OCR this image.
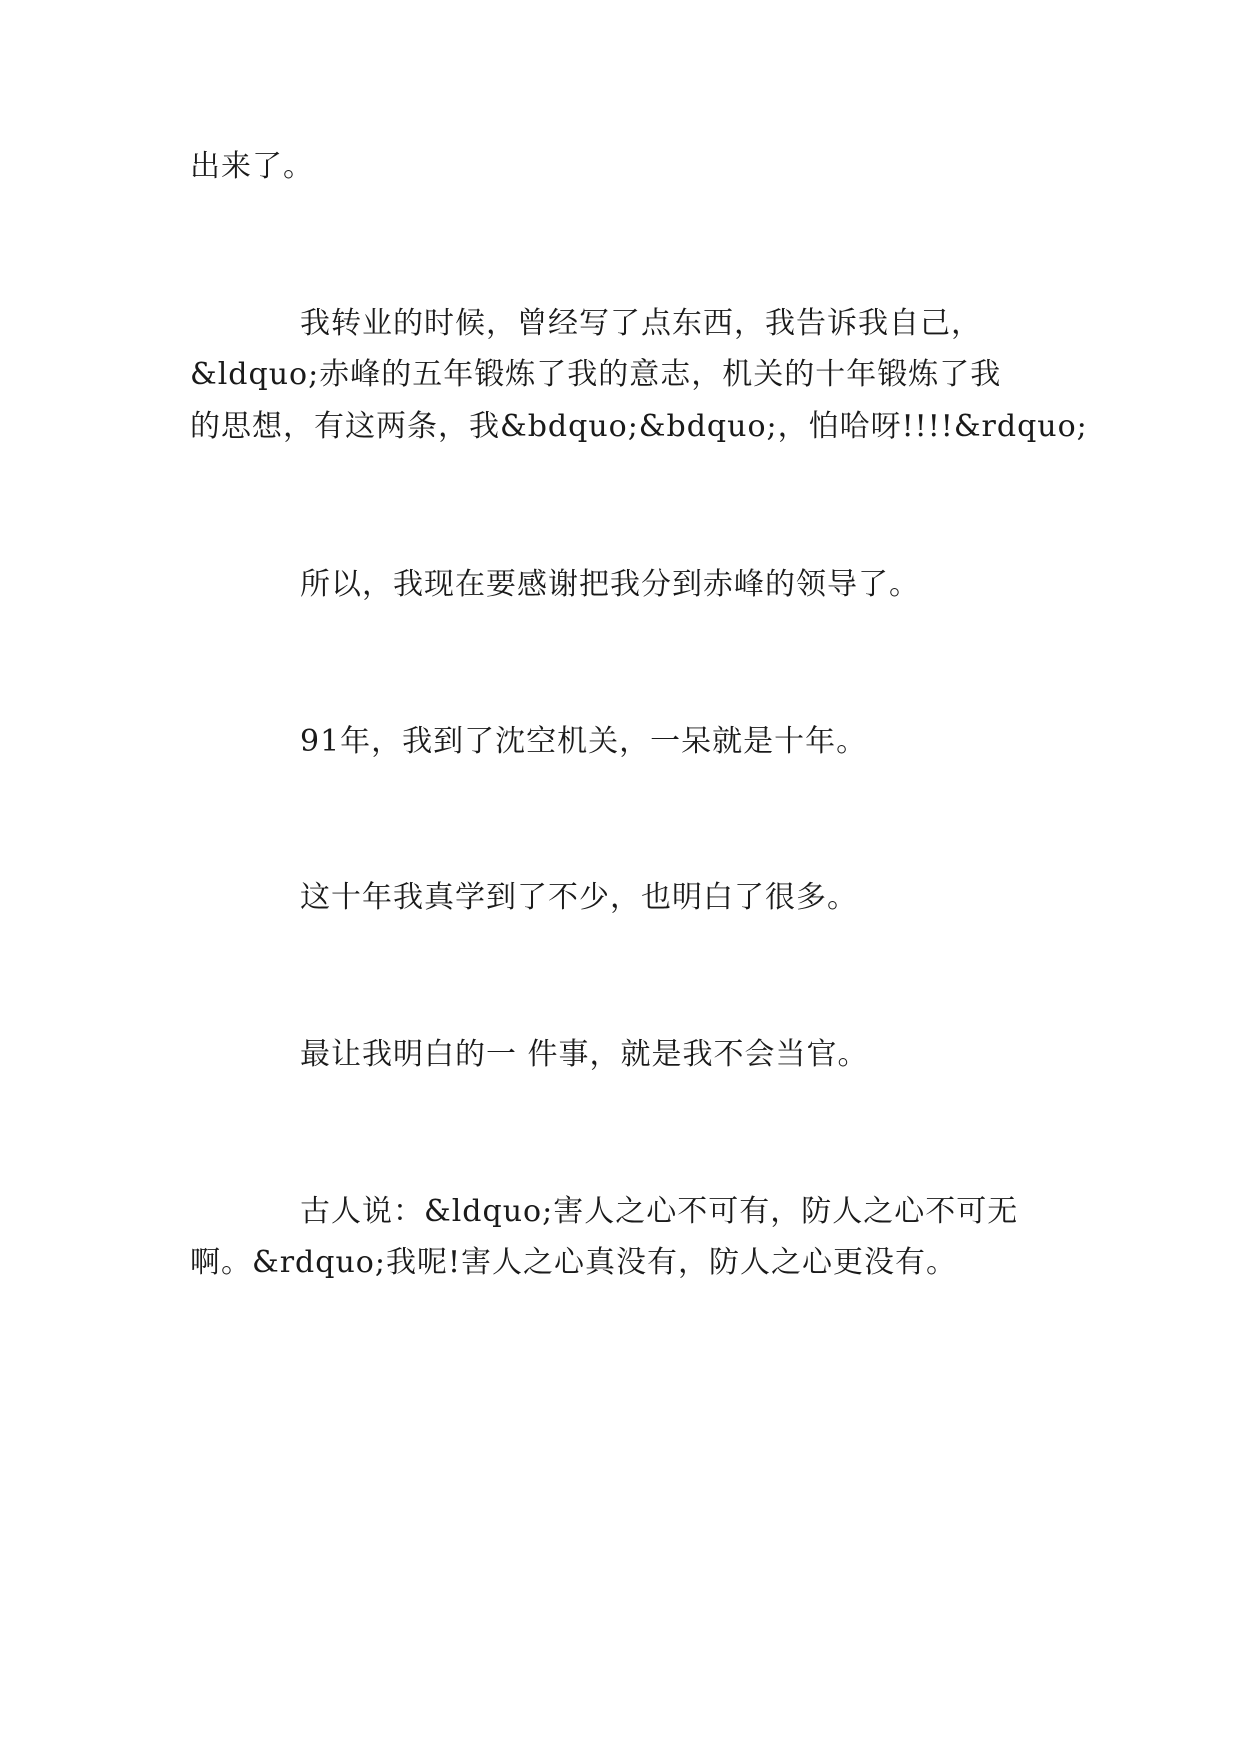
出来了。
我转业的时候，曾经写了点东西，我告诉我自己，
&ldquo;赤峰的五年锻炼了我的意志，机关的十年锻炼了我
的思想，有这两条，我&bdquo;&bdquo;，怕哈呀!!!!&rdquo;
所以，我现在要感谢把我分到赤峰的领导了。
91年，我到了沈空机关，一呆就是十年。
这十年我真学到了不少，也明白了很多。
最让我明白的一 件事，就是我不会当官。
古人说：&ldquo;害人之心不可有，防人之心不可无
啊。&rdquo;我呢!害人之心真没有，防人之心更没有。
